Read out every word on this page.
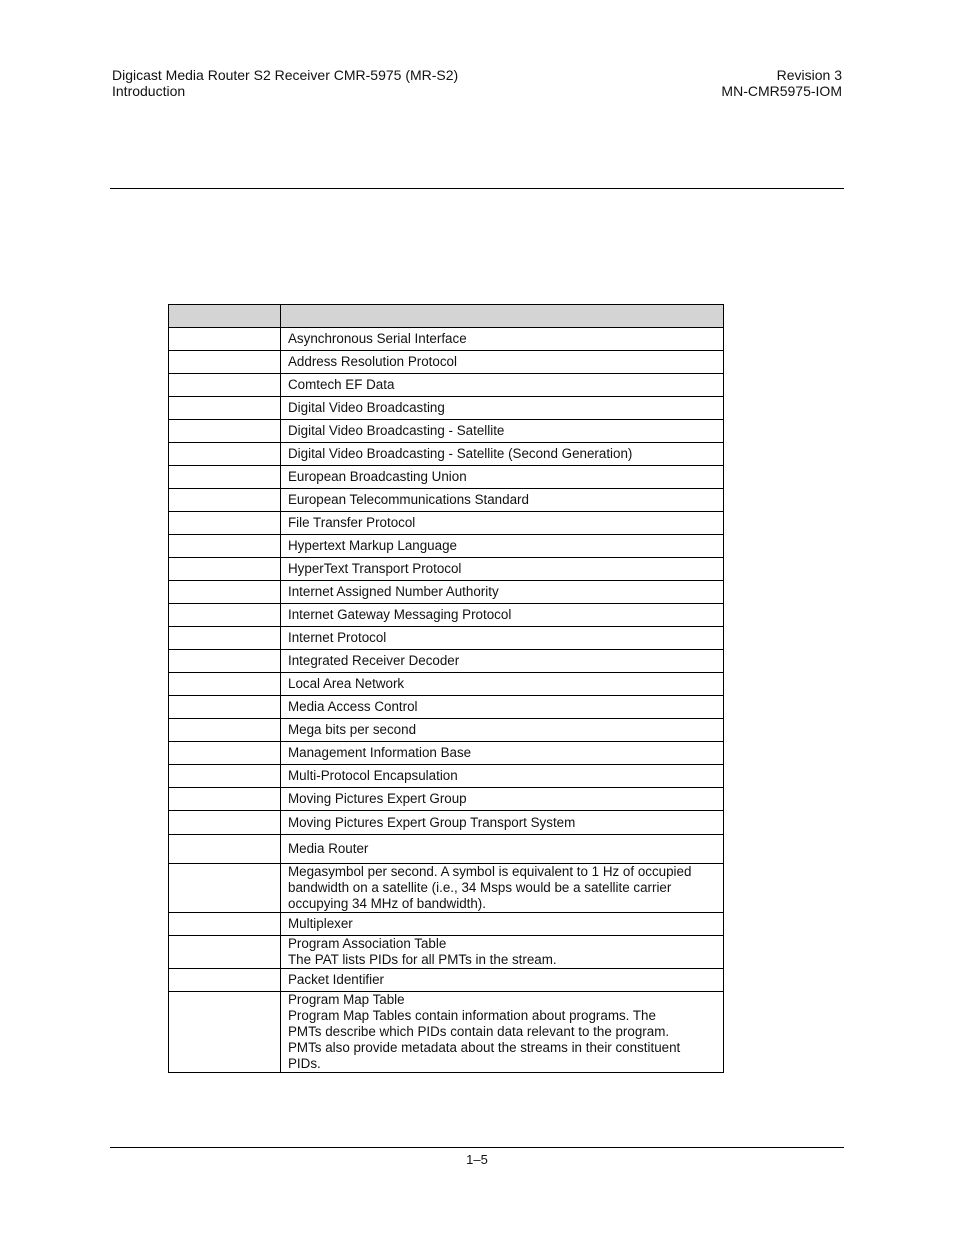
Digicast Media Router S2 Receiver CMR-5975 (MR-S2)
Introduction
Revision 3
MN-CMR5975-IOM

	Asynchronous Serial Interface

	Address Resolution Protocol

	Comtech EF Data

	Digital Video Broadcasting

	Digital Video Broadcasting - Satellite

	Digital Video Broadcasting - Satellite (Second Generation)

	European Broadcasting Union

	European Telecommunications Standard

	File Transfer Protocol

	Hypertext Markup Language

	HyperText Transport Protocol

	Internet Assigned Number Authority

	Internet Gateway Messaging Protocol

	Internet Protocol

	Integrated Receiver Decoder

	Local Area Network

	Media Access Control

	Mega bits per second

	Management Information Base

	Multi-Protocol Encapsulation

	Moving Pictures Expert Group

	Moving Pictures Expert Group Transport System

	Media Router

	Megasymbol per second. A symbol is equivalent to 1 Hz of occupied
bandwidth on a satellite (i.e., 34 Msps would be a satellite carrier
occupying 34 MHz of bandwidth).

	Multiplexer

	Program Association Table
The PAT lists PIDs for all PMTs in the stream.

	Packet Identifier

	Program Map Table
Program Map Tables contain information about programs. The
PMTs describe which PIDs contain data relevant to the program.
PMTs also provide metadata about the streams in their constituent
PIDs.
1–5
